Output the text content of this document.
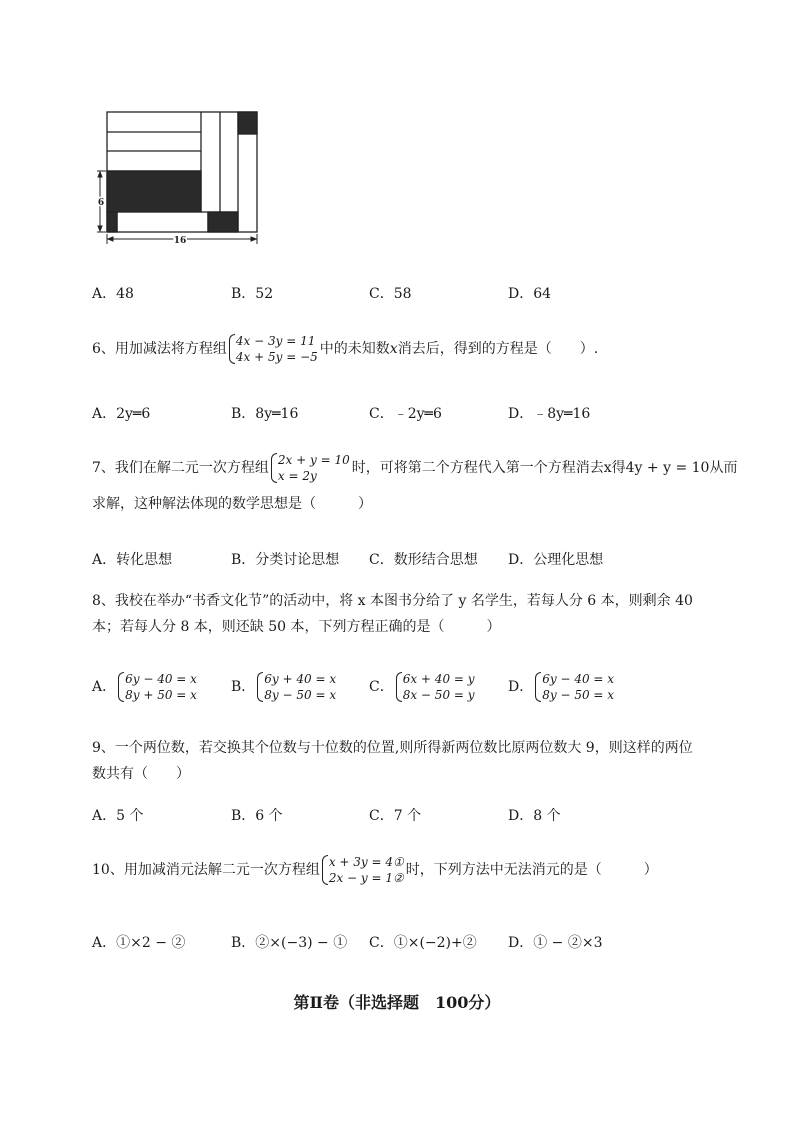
6
16
A．48	B．52	C．58	D．64
6、用加减法将方程组 4x − 3y = 11
4x + 5y = −5 中的未知数x消去后，得到的方程是（　　）.
A．2y═6	B．8y═16	C．﹣2y═6	D．﹣8y═16
7、我们在解二元一次方程组 2x + y = 10
x = 2y	时，可将第二个方程代入第一个方程消去x得4y + y = 10从而
求解，这种解法体现的数学思想是（　　　）
A．转化思想	B．分类讨论思想 C．数形结合思想 D．公理化思想
8、我校在举办“书香文化节”的活动中，将 x 本图书分给了 y 名学生，若每人分 6 本，则剩余 40
本；若每人分 8 本，则还缺 50 本，下列方程正确的是（　　　）
A． 6y − 40 = x
8y + 50 = x B． 6y + 40 = x
8y − 50 = x C． 6x + 40 = y
8x − 50 = y D． 6y − 40 = x
8y − 50 = x
9、一个两位数，若交换其个位数与十位数的位置,则所得新两位数比原两位数大 9，则这样的两位
数共有（　　）
A．5 个	B．6 个	C．7 个	D．8 个
10、用加减消元法解二元一次方程组 x + 3y = 4①
2x − y = 1② 时，下列方法中无法消元的是（　　　）
A．①×2 − ②	B．②×(−3) − ① C．①×(−2)+② D．① − ②×3
第Ⅱ卷（非选择题　100分）
